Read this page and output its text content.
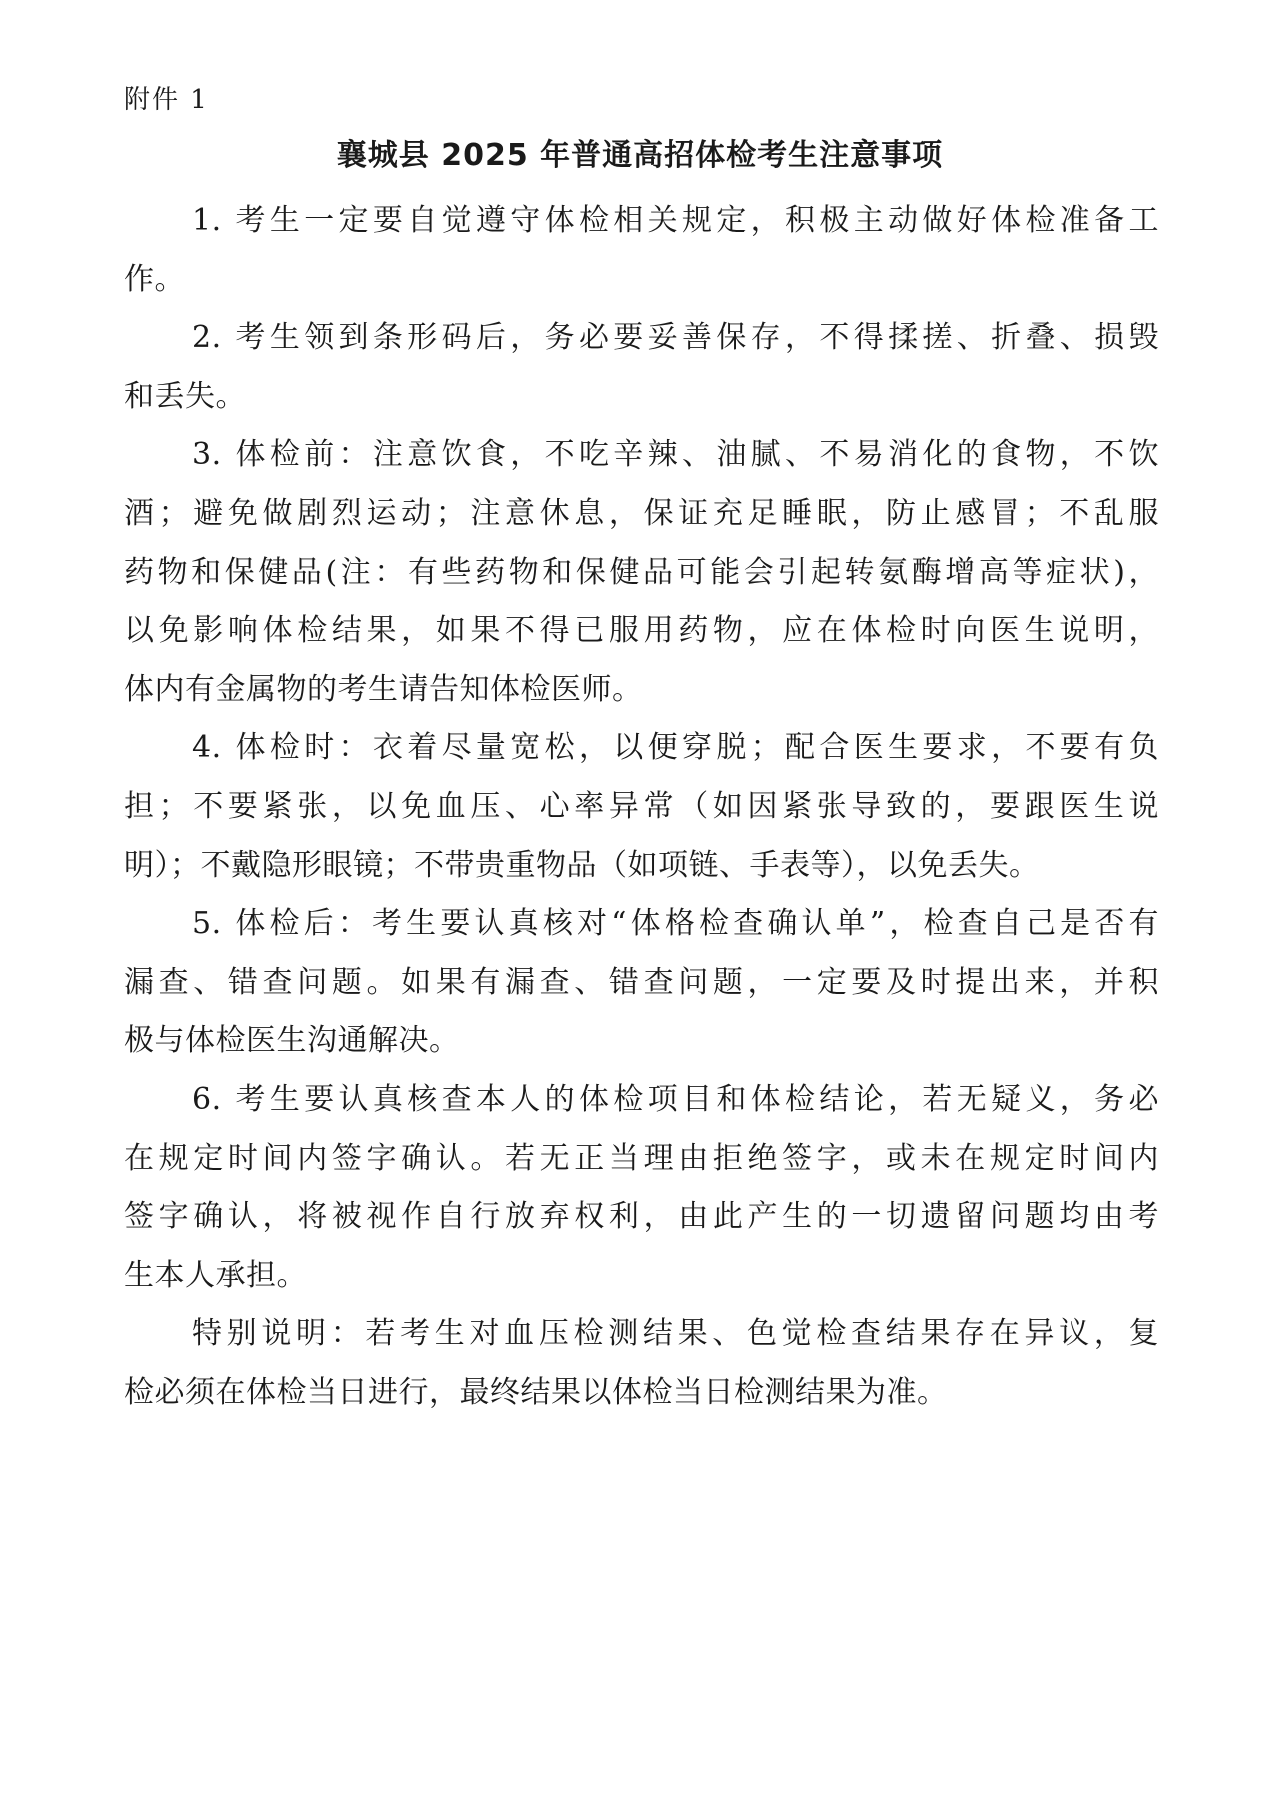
附件 1
襄城县 2025 年普通高招体检考生注意事项
1. 考生一定要自觉遵守体检相关规定，积极主动做好体检准备工
作。
2. 考生领到条形码后，务必要妥善保存，不得揉搓、折叠、损毁
和丢失。
3. 体检前：注意饮食，不吃辛辣、油腻、不易消化的食物，不饮
酒；避免做剧烈运动；注意休息，保证充足睡眠，防止感冒；不乱服
药物和保健品(注：有些药物和保健品可能会引起转氨酶增高等症状)，
以免影响体检结果，如果不得已服用药物，应在体检时向医生说明，
体内有金属物的考生请告知体检医师。
4. 体检时：衣着尽量宽松，以便穿脱；配合医生要求，不要有负
担；不要紧张，以免血压、心率异常（如因紧张导致的，要跟医生说
明）；不戴隐形眼镜；不带贵重物品（如项链、手表等），以免丢失。
5. 体检后：考生要认真核对“体格检查确认单”，检查自己是否有
漏查、错查问题。如果有漏查、错查问题，一定要及时提出来，并积
极与体检医生沟通解决。
6. 考生要认真核查本人的体检项目和体检结论，若无疑义，务必
在规定时间内签字确认。若无正当理由拒绝签字，或未在规定时间内
签字确认，将被视作自行放弃权利，由此产生的一切遗留问题均由考
生本人承担。
特别说明：若考生对血压检测结果、色觉检查结果存在异议，复
检必须在体检当日进行，最终结果以体检当日检测结果为准。
